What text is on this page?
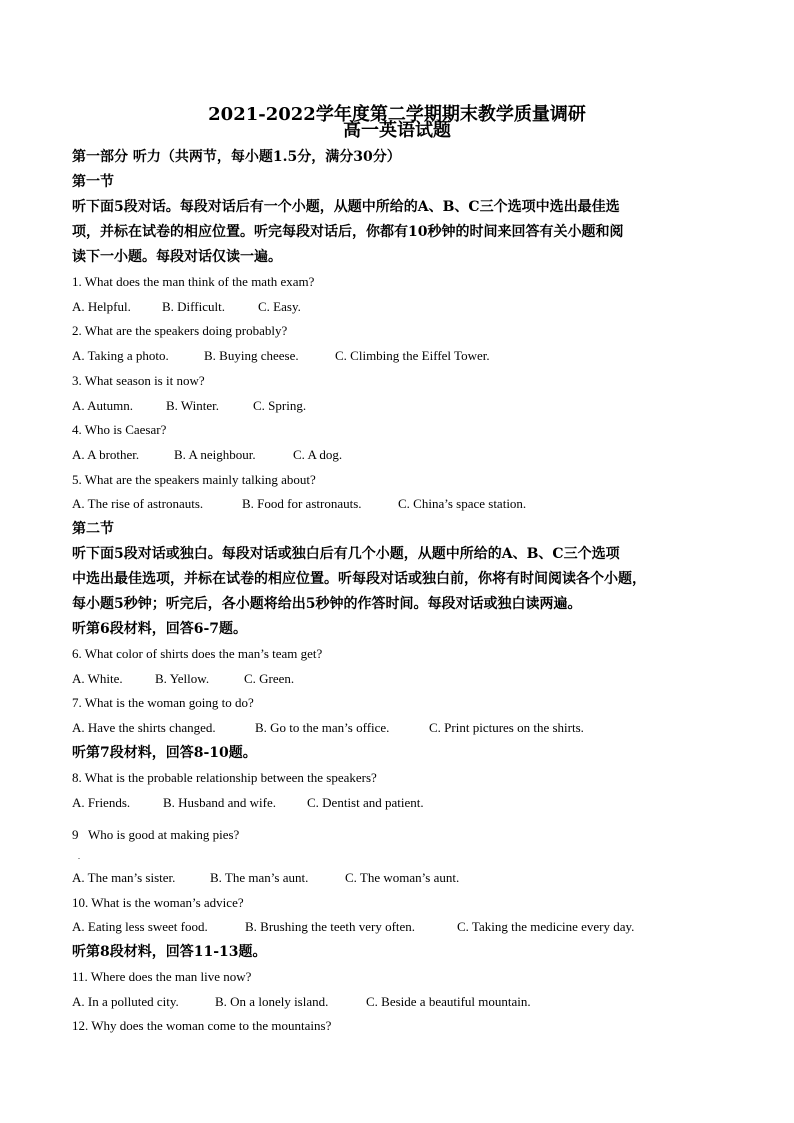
2021-2022学年度第二学期期末教学质量调研
高一英语试题

第一部分 听力（共两节，每小题1.5分，满分30分）

第一节

听下面5段对话。每段对话后有一个小题，从题中所给的A、B、C三个选项中选出最佳选

项，并标在试卷的相应位置。听完每段对话后，你都有10秒钟的时间来回答有关小题和阅

读下一小题。每段对话仅读一遍。

1. What does the man think of the math exam?

A. Helpful. B. Difficult.	C. Easy.

2. What are the speakers doing probably?

A. Taking a photo.	B. Buying cheese.	C. Climbing the Eiffel Tower.

3. What season is it now?

A. Autumn.	B. Winter.	C. Spring.

4. Who is Caesar?

A. A brother.	B. A neighbour.	C. A dog.

5. What are the speakers mainly talking about?

A. The rise of astronauts.	B. Food for astronauts.	C. China’s space station.

第二节

听下面5段对话或独白。每段对话或独白后有几个小题，从题中所给的A、B、C三个选项

中选出最佳选项，并标在试卷的相应位置。听每段对话或独白前，你将有时间阅读各个小题，

每小题5秒钟；听完后，各小题将给出5秒钟的作答时间。每段对话或独白读两遍。

听第6段材料，回答6-7题。

6. What color of shirts does the man’s team get?

A. White. B. Yellow.	C. Green.

7. What is the woman going to do?

A. Have the shirts changed.	B. Go to the man’s office.	C. Print pictures on the shirts.

听第7段材料，回答8-10题。

8. What is the probable relationship between the speakers?

A. Friends.	B. Husband and wife. C. Dentist and patient.

9   Who is good at making pies?

.

A. The man’s sister.	B. The man’s aunt.	C. The woman’s aunt.

10. What is the woman’s advice?

A. Eating less sweet food.	B. Brushing the teeth very often.	C. Taking the medicine every day.

听第8段材料，回答11-13题。

11. Where does the man live now?

A. In a polluted city.	B. On a lonely island.	C. Beside a beautiful mountain.

12. Why does the woman come to the mountains?
